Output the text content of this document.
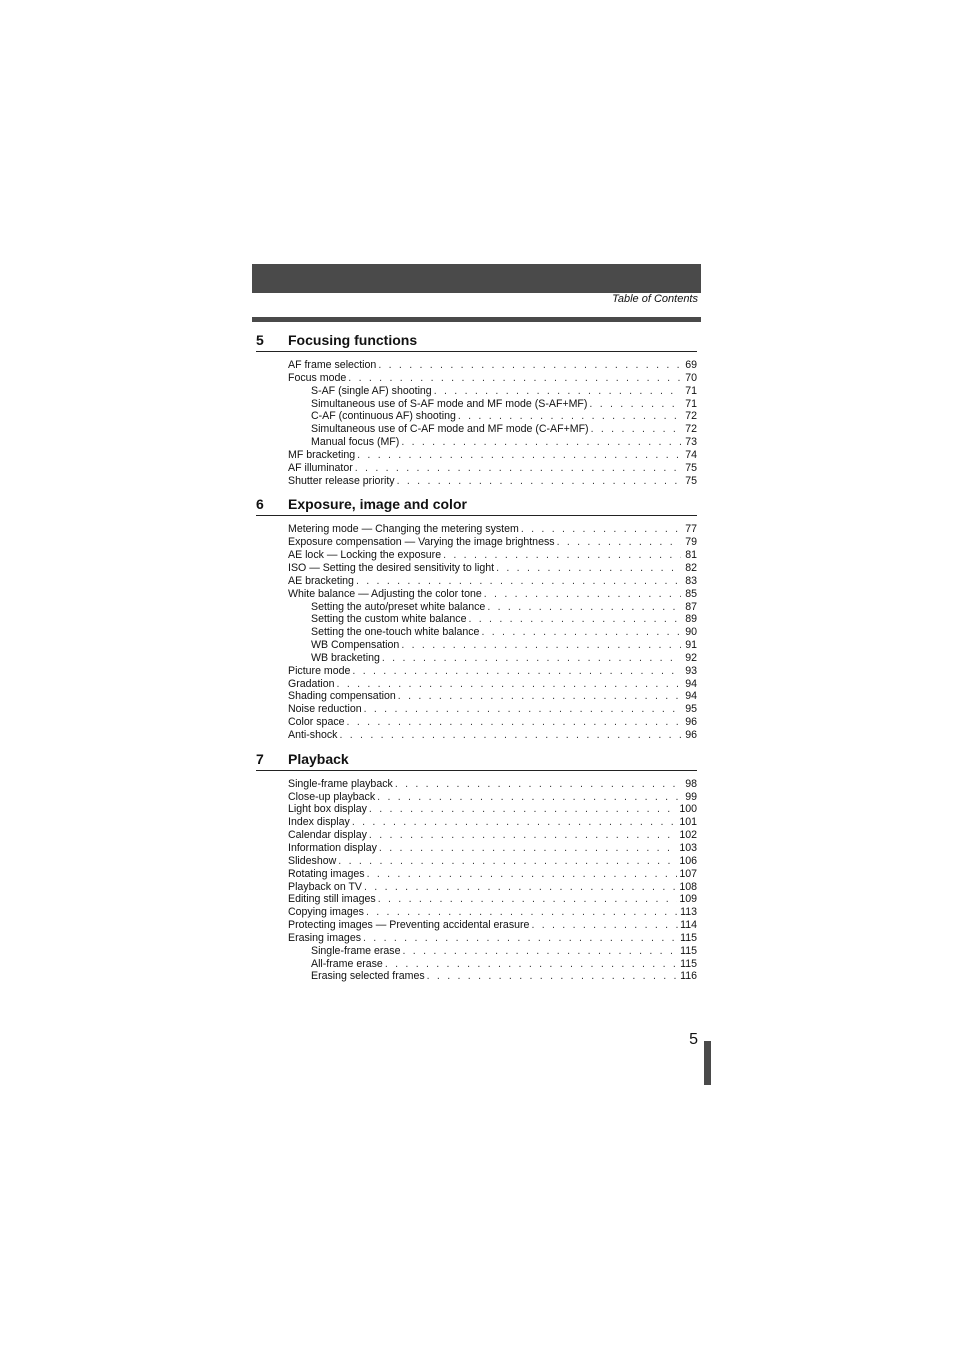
Table of Contents
5	Focusing functions
AF frame selection . . .	69
Focus mode . . .	70
S-AF (single AF) shooting . . .	71
Simultaneous use of S-AF mode and MF mode (S-AF+MF) . . .	71
C-AF (continuous AF) shooting . . .	72
Simultaneous use of C-AF mode and MF mode (C-AF+MF) . . .	72
Manual focus (MF) . . .	73
MF bracketing . . .	74
AF illuminator . . .	75
Shutter release priority . . .	75
6	Exposure, image and color
Metering mode — Changing the metering system . . .	77
Exposure compensation — Varying the image brightness . . .	79
AE lock — Locking the exposure . . .	81
ISO — Setting the desired sensitivity to light . . .	82
AE bracketing . . .	83
White balance — Adjusting the color tone . . .	85
Setting the auto/preset white balance . . .	87
Setting the custom white balance . . .	89
Setting the one-touch white balance . . .	90
WB Compensation . . .	91
WB bracketing . . .	92
Picture mode . . .	93
Gradation . . .	94
Shading compensation . . .	94
Noise reduction . . .	95
Color space . . .	96
Anti-shock . . .	96
7	Playback
Single-frame playback . . .	98
Close-up playback . . .	99
Light box display . . .	100
Index display . . .	101
Calendar display . . .	102
Information display . . .	103
Slideshow . . .	106
Rotating images . . .	107
Playback on TV . . .	108
Editing still images . . .	109
Copying images . . .	113
Protecting images — Preventing accidental erasure . . .	114
Erasing images . . .	115
Single-frame erase . . .	115
All-frame erase . . .	115
Erasing selected frames . . .	116
5
